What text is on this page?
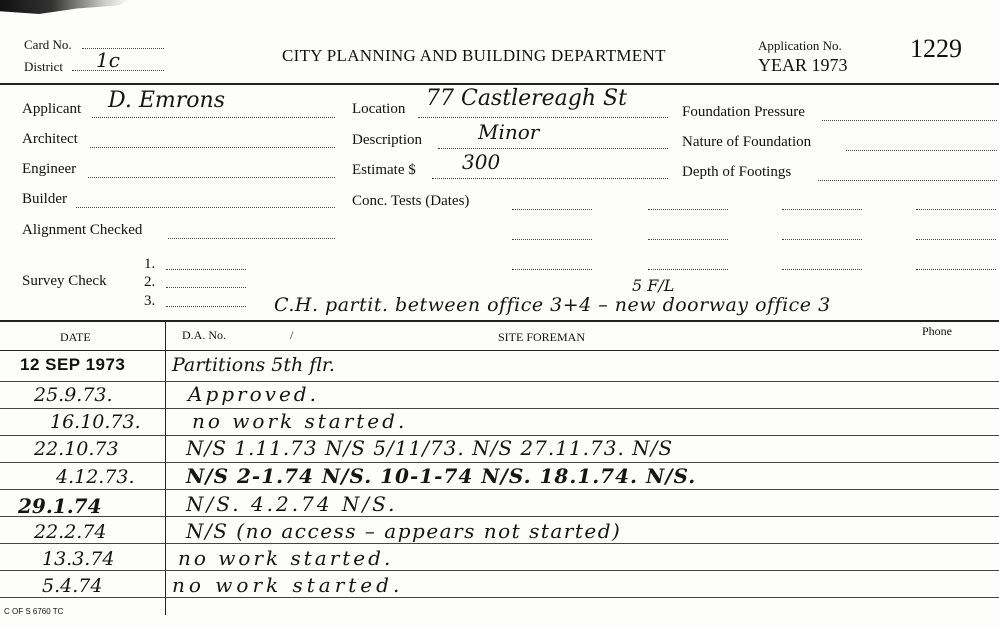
Card No.
District 1c	CITY PLANNING AND BUILDING DEPARTMENT
Application No.
YEAR 1973
1229
Applicant D. Emrons
Architect
Engineer
Builder
Alignment Checked
Survey Check
1.
2.
3.
Location 77 Castlereagh St
Description	Minor
Estimate $ 300
Conc. Tests (Dates)
Foundation Pressure
Nature of Foundation
Depth of Footings
5 F/L
C.H. partit. between office 3+4 – new doorway office 3
DATE	D.A. No.	/	SITE FOREMAN	Phone
12 SEP 1973 Partitions 5th flr.
25.9.73.	Approved.
16.10.73.	no work started.
22.10.73	N/S 1.11.73 N/S 5/11/73. N/S 27.11.73. N/S
4.12.73.	N/S 2-1.74 N/S. 10-1-74 N/S. 18.1.74. N/S.
29.1.74	N/S. 4.2.74 N/S.
22.2.74	N/S (no access – appears not started)
13.3.74	no work started.
5.4.74	no work started.
C OF S 6760 TC
